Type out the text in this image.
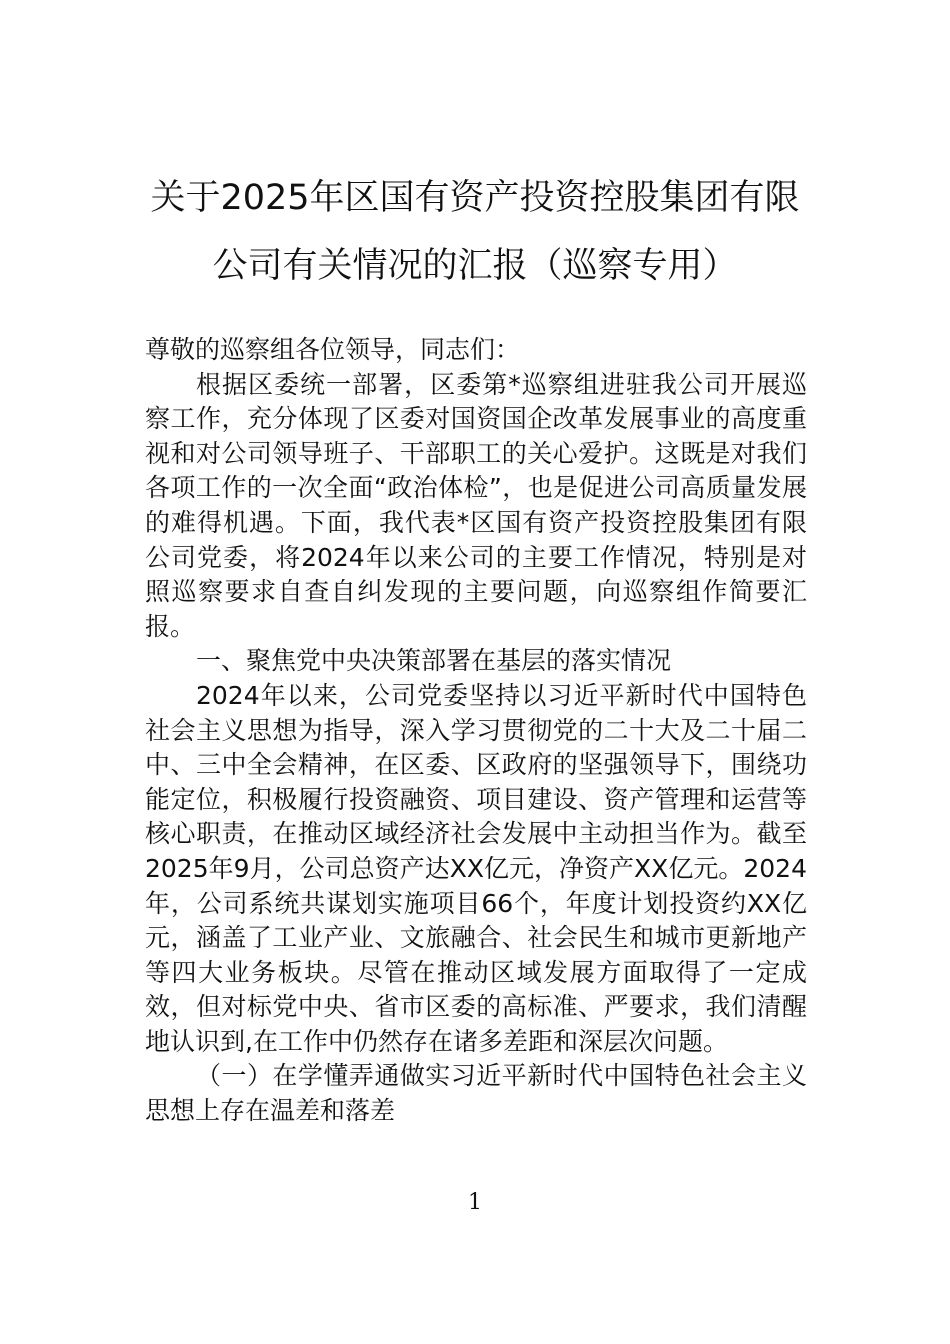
关于2025年区国有资产投资控股集团有限
公司有关情况的汇报（巡察专用）

尊敬的巡察组各位领导，同志们：

根据区委统一部署，区委第*巡察组进驻我公司开展巡察工作，充分体现了区委对国资国企改革发展事业的高度重视和对公司领导班子、干部职工的关心爱护。这既是对我们各项工作的一次全面“政治体检”，也是促进公司高质量发展的难得机遇。下面，我代表*区国有资产投资控股集团有限公司党委，将2024年以来公司的主要工作情况，特别是对照巡察要求自查自纠发现的主要问题，向巡察组作简要汇报。

一、聚焦党中央决策部署在基层的落实情况

2024年以来，公司党委坚持以习近平新时代中国特色社会主义思想为指导，深入学习贯彻党的二十大及二十届二中、三中全会精神，在区委、区政府的坚强领导下，围绕功能定位，积极履行投资融资、项目建设、资产管理和运营等核心职责，在推动区域经济社会发展中主动担当作为。截至2025年9月，公司总资产达XX亿元，净资产XX亿元。2024年，公司系统共谋划实施项目66个，年度计划投资约XX亿元，涵盖了工业产业、文旅融合、社会民生和城市更新地产等四大业务板块。尽管在推动区域发展方面取得了一定成效，但对标党中央、省市区委的高标准、严要求，我们清醒地认识到,在工作中仍然存在诸多差距和深层次问题。

（一）在学懂弄通做实习近平新时代中国特色社会主义思想上存在温差和落差

1
